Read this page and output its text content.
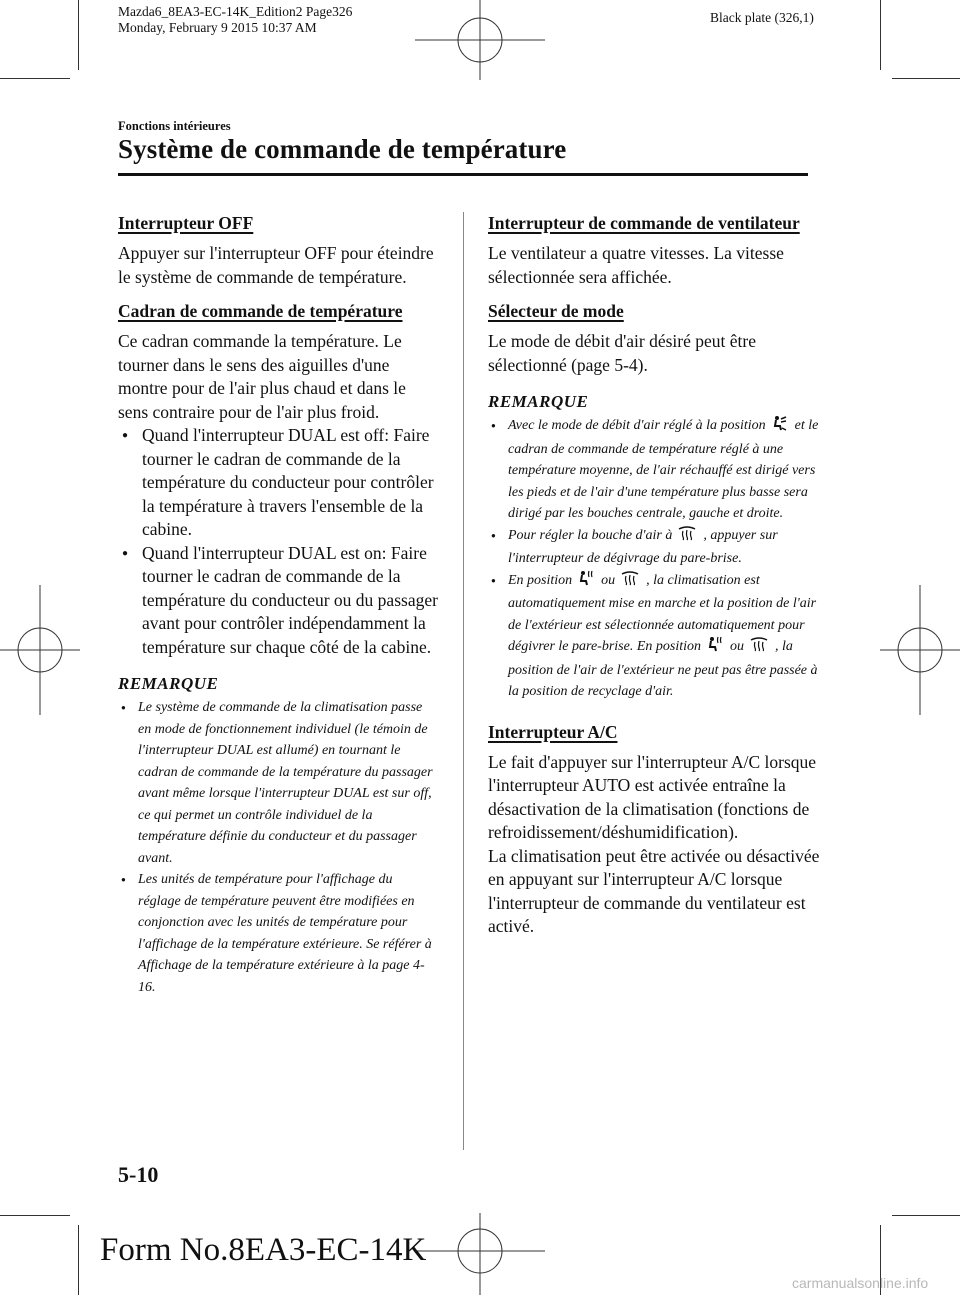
Mazda6_8EA3-EC-14K_Edition2 Page326
Monday, February 9 2015 10:37 AM
Black plate (326,1)
Fonctions intérieures
Système de commande de température
Interrupteur OFF

Appuyer sur l'interrupteur OFF pour éteindre le système de commande de température.

Cadran de commande de température

Ce cadran commande la température. Le tourner dans le sens des aiguilles d'une montre pour de l'air plus chaud et dans le sens contraire pour de l'air plus froid.

● Quand l'interrupteur DUAL est off: Faire tourner le cadran de commande de la température du conducteur pour contrôler la température à travers l'ensemble de la cabine.
● Quand l'interrupteur DUAL est on: Faire tourner le cadran de commande de la température du conducteur ou du passager avant pour contrôler indépendamment la température sur chaque côté de la cabine.
REMARQUE
● Le système de commande de la climatisation passe en mode de fonctionnement individuel (le témoin de l'interrupteur DUAL est allumé) en tournant le cadran de commande de la température du passager avant même lorsque l'interrupteur DUAL est sur off, ce qui permet un contrôle individuel de la température définie du conducteur et du passager avant.
● Les unités de température pour l'affichage du réglage de température peuvent être modifiées en conjonction avec les unités de température pour l'affichage de la température extérieure. Se référer à Affichage de la température extérieure à la page 4-16.
Interrupteur de commande de ventilateur

Le ventilateur a quatre vitesses. La vitesse sélectionnée sera affichée.

Sélecteur de mode

Le mode de débit d'air désiré peut être sélectionné (page 5-4).

REMARQUE
● Avec le mode de débit d'air réglé à la position et le cadran de commande de température réglé à une température moyenne, de l'air réchauffé est dirigé vers les pieds et de l'air d'une température plus basse sera dirigé par les bouches centrale, gauche et droite.
● Pour régler la bouche d'air à , appuyer sur l'interrupteur de dégivrage du pare-brise.
● En position ou , la climatisation est automatiquement mise en marche et la position de l'air de l'extérieur est sélectionnée automatiquement pour dégivrer le pare-brise. En position ou , la position de l'air de l'extérieur ne peut pas être passée à la position de recyclage d'air.
Interrupteur A/C

Le fait d'appuyer sur l'interrupteur A/C lorsque l'interrupteur AUTO est activée entraîne la désactivation de la climatisation (fonctions de refroidissement/déshumidification).

La climatisation peut être activée ou désactivée en appuyant sur l'interrupteur A/C lorsque l'interrupteur de commande du ventilateur est activé.

5-10
Form No.8EA3-EC-14K
carmanualsonline.info
